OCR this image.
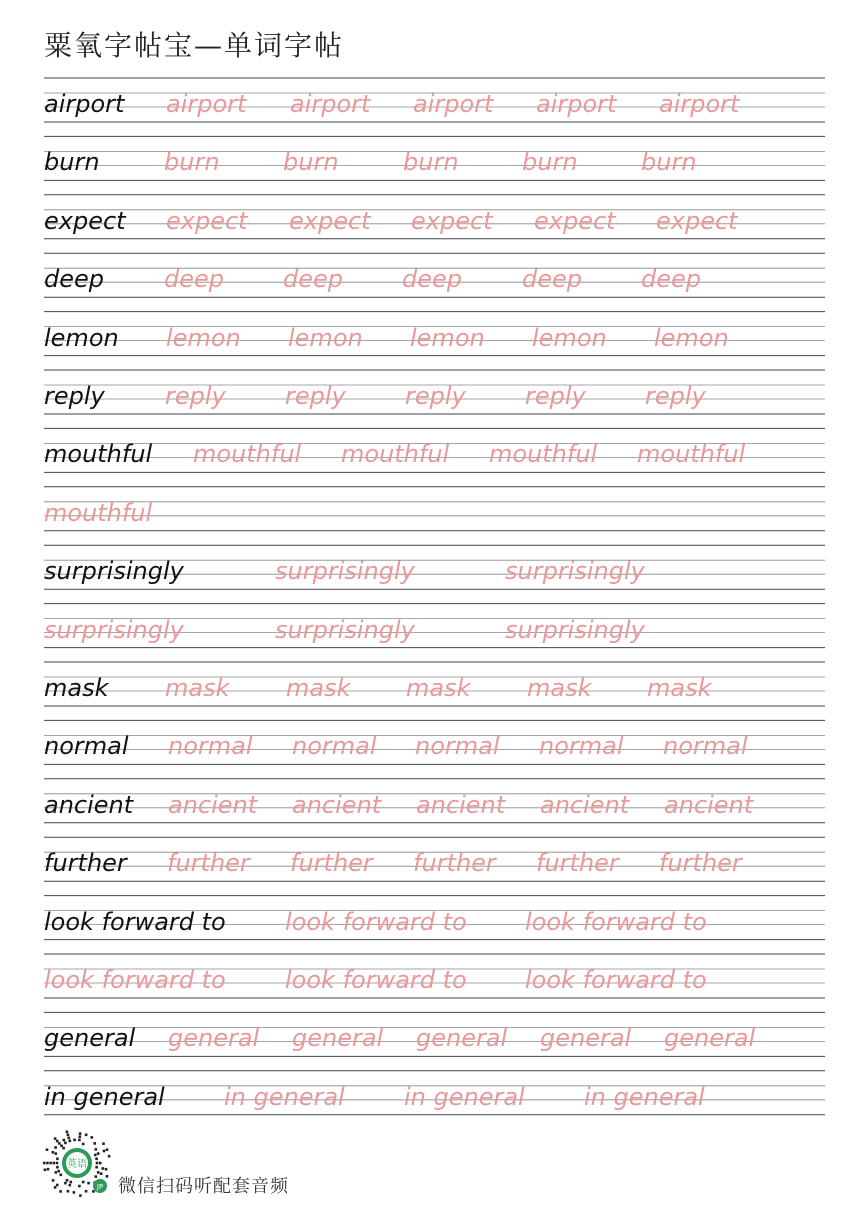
粟氧字帖宝—单词字帖
airport airport airport airport airport airport
burn	burn	burn	burn	burn	burn
expect expect expect expect expect expect
deep	deep deep deep	deep deep
lemon lemon lemon lemon lemon lemon
reply	reply reply reply reply reply
mouthful mouthful mouthful mouthful mouthful
mouthful
surprisingly	surprisingly	surprisingly
surprisingly	surprisingly	surprisingly
mask mask mask mask mask mask
normal normal normal normal normal normal
ancient ancient ancient ancient ancient ancient
further further further further further further
look forward to look forward to look forward to
look forward to look forward to look forward to
general general general general general general
in general in general in general in general
英语
JP 微信扫码听配套音频
